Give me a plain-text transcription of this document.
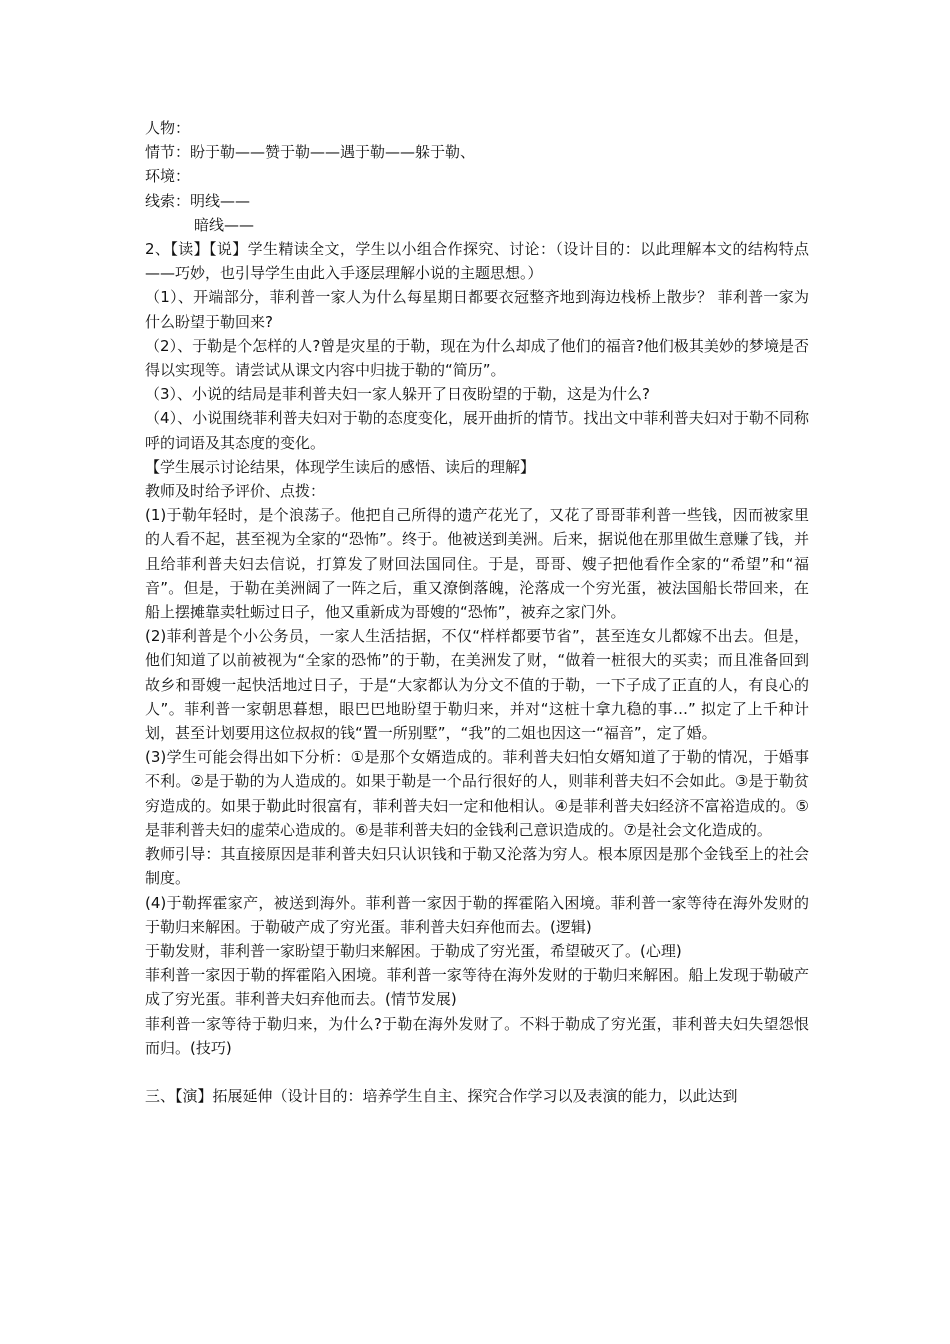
人物：

情节：盼于勒——赞于勒——遇于勒——躲于勒、

环境：

线索：明线——

暗线——

2、【读】【说】学生精读全文，学生以小组合作探究、讨论：（设计目的：以此理解本文的结构特点——巧妙，也引导学生由此入手逐层理解小说的主题思想。）

（1）、开端部分，菲利普一家人为什么每星期日都要衣冠整齐地到海边栈桥上散步？ 菲利普一家为什么盼望于勒回来?

（2）、于勒是个怎样的人?曾是灾星的于勒，现在为什么却成了他们的福音?他们极其美妙的梦境是否得以实现等。请尝试从课文内容中归拢于勒的“简历”。

（3）、小说的结局是菲利普夫妇一家人躲开了日夜盼望的于勒，这是为什么?

（4）、小说围绕菲利普夫妇对于勒的态度变化，展开曲折的情节。找出文中菲利普夫妇对于勒不同称呼的词语及其态度的变化。

【学生展示讨论结果，体现学生读后的感悟、读后的理解】

教师及时给予评价、点拨：

(1)于勒年轻时，是个浪荡子。他把自己所得的遗产花光了，又花了哥哥菲利普一些钱，因而被家里的人看不起，甚至视为全家的“恐怖”。终于。他被送到美洲。后来，据说他在那里做生意赚了钱，并且给菲利普夫妇去信说，打算发了财回法国同住。于是，哥哥、嫂子把他看作全家的“希望”和“福音”。但是，于勒在美洲阔了一阵之后，重又潦倒落魄，沦落成一个穷光蛋，被法国船长带回来，在船上摆摊靠卖牡蛎过日子，他又重新成为哥嫂的“恐怖”，被弃之家门外。

(2)菲利普是个小公务员，一家人生活拮据，不仅“样样都要节省”，甚至连女儿都嫁不出去。但是，他们知道了以前被视为“全家的恐怖”的于勒，在美洲发了财，“做着一桩很大的买卖；而且准备回到故乡和哥嫂一起快活地过日子，于是“大家都认为分文不值的于勒，一下子成了正直的人，有良心的人”。菲利普一家朝思暮想，眼巴巴地盼望于勒归来，并对“这桩十拿九稳的事…” 拟定了上千种计划，甚至计划要用这位叔叔的钱“置一所别墅”，“我”的二姐也因这一“福音”，定了婚。

(3)学生可能会得出如下分析：①是那个女婿造成的。菲利普夫妇怕女婿知道了于勒的情况，于婚事不利。②是于勒的为人造成的。如果于勒是一个品行很好的人，则菲利普夫妇不会如此。③是于勒贫穷造成的。如果于勒此时很富有，菲利普夫妇一定和他相认。④是菲利普夫妇经济不富裕造成的。⑤是菲利普夫妇的虚荣心造成的。⑥是菲利普夫妇的金钱利己意识造成的。⑦是社会文化造成的。

教师引导：其直接原因是菲利普夫妇只认识钱和于勒又沦落为穷人。根本原因是那个金钱至上的社会制度。

(4)于勒挥霍家产，被送到海外。菲利普一家因于勒的挥霍陷入困境。菲利普一家等待在海外发财的于勒归来解困。于勒破产成了穷光蛋。菲利普夫妇弃他而去。(逻辑)

于勒发财，菲利普一家盼望于勒归来解困。于勒成了穷光蛋，希望破灭了。(心理)

菲利普一家因于勒的挥霍陷入困境。菲利普一家等待在海外发财的于勒归来解困。船上发现于勒破产成了穷光蛋。菲利普夫妇弃他而去。(情节发展)

菲利普一家等待于勒归来，为什么?于勒在海外发财了。不料于勒成了穷光蛋，菲利普夫妇失望怨恨而归。(技巧)

三、【演】拓展延伸（设计目的：培养学生自主、探究合作学习以及表演的能力，以此达到
